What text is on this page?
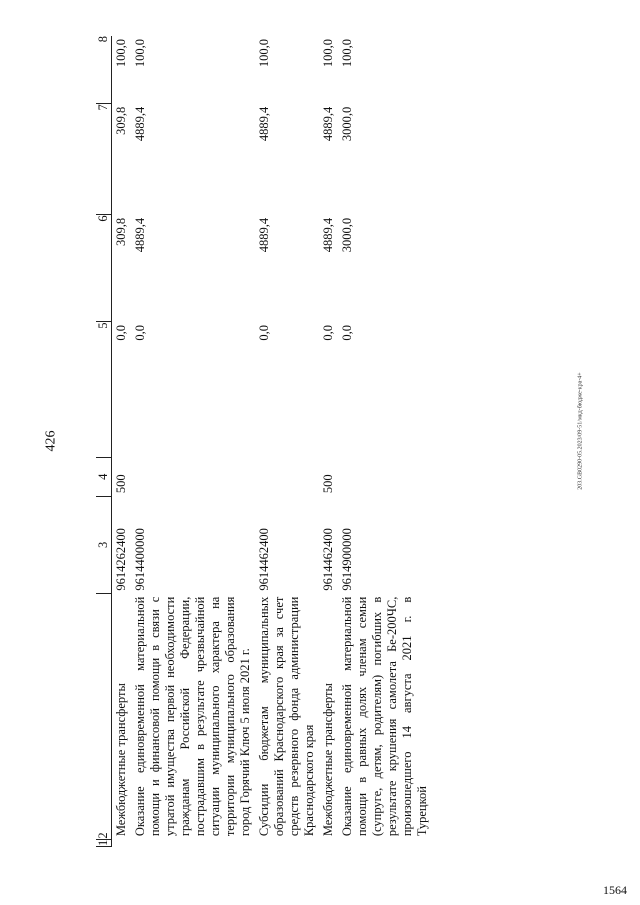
426	203.GB0290-05.2023/09-51/мкд-бюдже-кра-4+
1	2	3	4	5	6	7	8
	Межбюджетные трансферты	9614262400	500	0,0	309,8	309,8	100,0
	Оказание единовременной материальной помощи и финансовой помощи в связи с утратой имущества первой необходимости гражданам Российской Федерации, пострадавшим в результате чрезвычайной ситуации муниципального характера на территории муниципального образования город Горячий Ключ 5 июля 2021 г.	9614400000		0,0	4889,4	4889,4	100,0
	Субсидии бюджетам муниципальных образований Краснодарского края за счет средств резервного фонда администрации Краснодарского края	9614462400		0,0	4889,4	4889,4	100,0
	Межбюджетные трансферты	9614462400	500	0,0	4889,4	4889,4	100,0
	Оказание единовременной материальной помощи в равных долях членам семьи (супруге, детям, родителям) погибших в результате крушения самолета Бе-200ЧС, произошедшего 14 августа 2021 г. в Турецкой	9614900000		0,0	3000,0	3000,0	100,0
1564
